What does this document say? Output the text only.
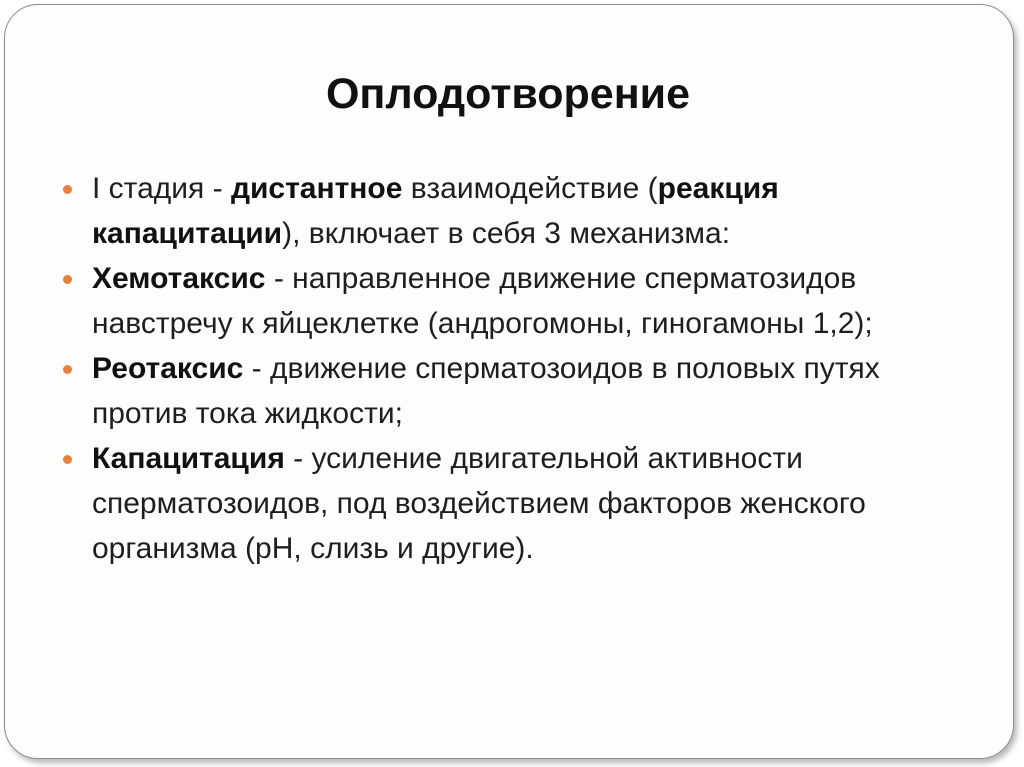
Оплодотворение
I стадия - дистантное взаимодействие (реакция капацитации), включает в себя 3 механизма:
Хемотаксис - направленное движение сперматозидов навстречу к яйцеклетке (андрогомоны, гиногамоны 1,2);
Реотаксис - движение сперматозоидов в половых путях против тока жидкости;
Капацитация - усиление двигательной активности сперматозоидов, под воздействием факторов женского организма (pH, слизь и другие).
